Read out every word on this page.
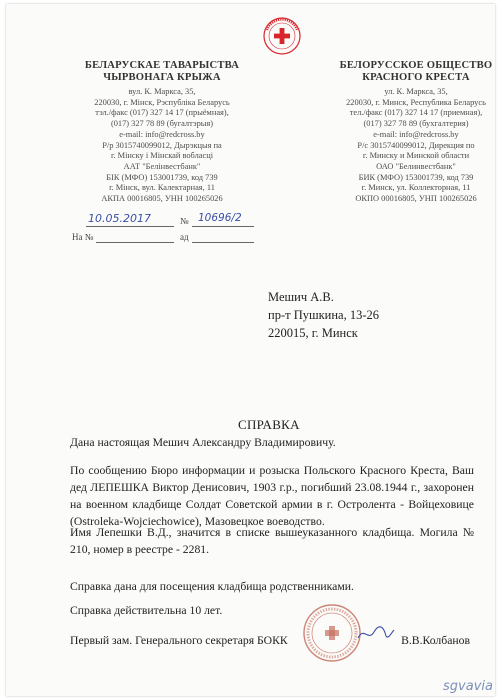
БЕЛАРУСКАЕ ТАВАРЫСТВА
ЧЫРВОНАГА КРЫЖА
вул. К. Маркса, 35,
220030, г. Мінск, Рэспубліка Беларусь
тэл./факс (017) 327 14 17 (прыёмная),
(017) 327 78 89 (бугалтэрыя)
e-mail: info@redcross.by
Р/р 3015740099012, Дырэкцыя па
г. Мінску і Мінскай вобласці
ААТ "Белінвестбанк"
БІК (МФО) 153001739, код 739
г. Мінск, вул. Калектарная, 11
АКПА 00016805, УНН 100265026
БЕЛОРУССКОЕ ОБЩЕСТВО
КРАСНОГО КРЕСТА
ул. К. Маркса, 35,
220030, г. Минск, Республика Беларусь
тел./факс (017) 327 14 17 (приемная),
(017) 327 78 89 (бухгалтерия)
e-mail: info@redcross.by
Р/с 3015740099012, Дирекция по
г. Минску и Минской области
ОАО "Белинвестбанк"
БИК (МФО) 153001739, код 739
г. Минск, ул. Коллекторная, 11
ОКПО 00016805, УНП 100265026
10.05.2017	№ 10696/2
На №	ад
Мешич А.В.
пр-т Пушкина, 13-26
220015, г. Минск
СПРАВКА

Дана настоящая Мешич Александру Владимировичу.

По сообщению Бюро информации и розыска Польского Красного Креста, Ваш дед ЛЕПЕШКА Виктор Денисович, 1903 г.р., погибший 23.08.1944 г., захоронен на военном кладбище Солдат Советской армии в г. Остролента - Войцеховице (Ostroleka-Wojciechowice), Мазовецкое воеводство.

Имя Лепешки В.Д., значится в списке вышеуказанного кладбища. Могила № 210, номер в реестре - 2281.

Справка дана для посещения кладбища родственниками.

Справка действительна 10 лет.

Первый зам. Генерального секретаря БОКК	В.В.Колбанов
sgvavia
